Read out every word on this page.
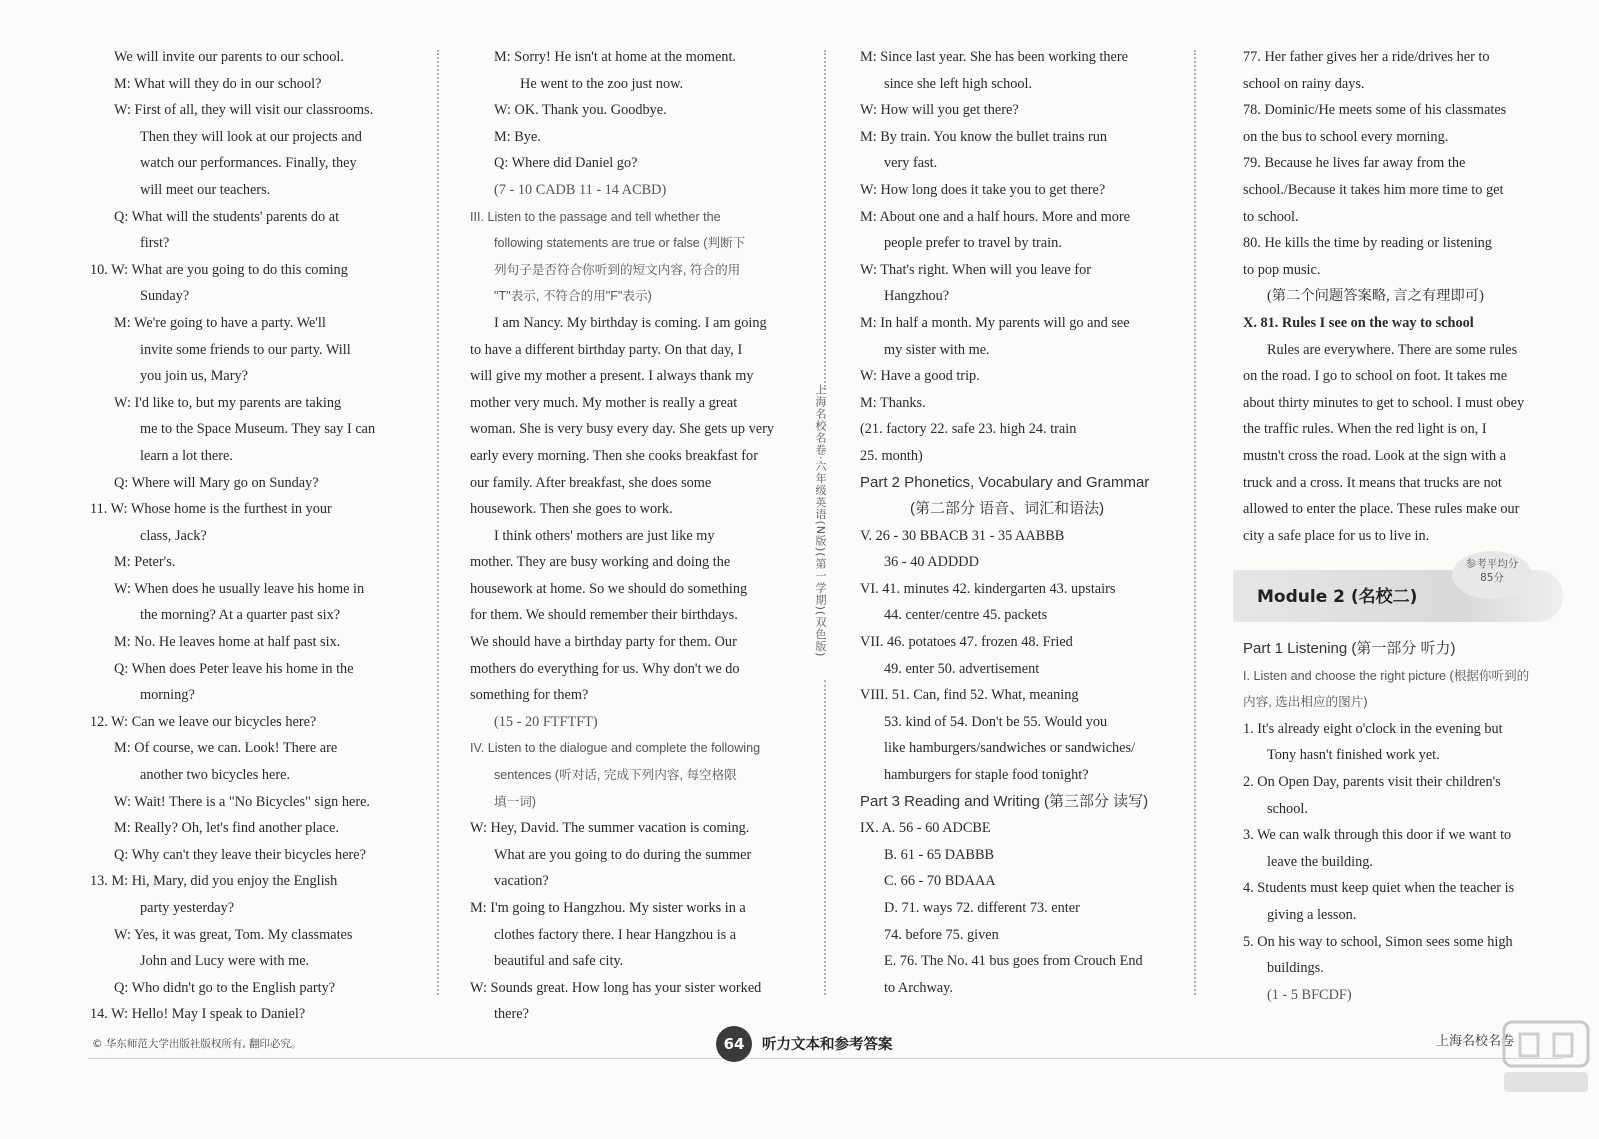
上海名校名卷·六年级英语(N版)(第一学期)(双色版)
We will invite our parents to our school.
M: What will they do in our school?
W: First of all, they will visit our classrooms.
Then they will look at our projects and
watch our performances. Finally, they
will meet our teachers.
Q: What will the students' parents do at
first?
10. W: What are you going to do this coming
Sunday?
M: We're going to have a party. We'll
invite some friends to our party. Will
you join us, Mary?
W: I'd like to, but my parents are taking
me to the Space Museum. They say I can
learn a lot there.
Q: Where will Mary go on Sunday?
11. W: Whose home is the furthest in your
class, Jack?
M: Peter's.
W: When does he usually leave his home in
the morning? At a quarter past six?
M: No. He leaves home at half past six.
Q: When does Peter leave his home in the
morning?
12. W: Can we leave our bicycles here?
M: Of course, we can. Look! There are
another two bicycles here.
W: Wait! There is a "No Bicycles" sign here.
M: Really? Oh, let's find another place.
Q: Why can't they leave their bicycles here?
13. M: Hi, Mary, did you enjoy the English
party yesterday?
W: Yes, it was great, Tom. My classmates
John and Lucy were with me.
Q: Who didn't go to the English party?
14. W: Hello! May I speak to Daniel?
M: Sorry! He isn't at home at the moment.
He went to the zoo just now.
W: OK. Thank you. Goodbye.
M: Bye.
Q: Where did Daniel go?
(7 - 10 CADB 11 - 14 ACBD)
III. Listen to the passage and tell whether the
following statements are true or false (判断下
列句子是否符合你听到的短文内容, 符合的用
"T"表示, 不符合的用"F"表示)
I am Nancy. My birthday is coming. I am going
to have a different birthday party. On that day, I
will give my mother a present. I always thank my
mother very much. My mother is really a great
woman. She is very busy every day. She gets up very
early every morning. Then she cooks breakfast for
our family. After breakfast, she does some
housework. Then she goes to work.
I think others' mothers are just like my
mother. They are busy working and doing the
housework at home. So we should do something
for them. We should remember their birthdays.
We should have a birthday party for them. Our
mothers do everything for us. Why don't we do
something for them?
(15 - 20 FTFTFT)
IV. Listen to the dialogue and complete the following
sentences (听对话, 完成下列内容, 每空格限
填一词)
W: Hey, David. The summer vacation is coming.
What are you going to do during the summer
vacation?
M: I'm going to Hangzhou. My sister works in a
clothes factory there. I hear Hangzhou is a
beautiful and safe city.
W: Sounds great. How long has your sister worked
there?
M: Since last year. She has been working there
since she left high school.
W: How will you get there?
M: By train. You know the bullet trains run
very fast.
W: How long does it take you to get there?
M: About one and a half hours. More and more
people prefer to travel by train.
W: That's right. When will you leave for
Hangzhou?
M: In half a month. My parents will go and see
my sister with me.
W: Have a good trip.
M: Thanks.
(21. factory 22. safe 23. high 24. train
25. month)
Part 2 Phonetics, Vocabulary and Grammar
(第二部分 语音、词汇和语法)
V. 26 - 30 BBACB 31 - 35 AABBB
36 - 40 ADDDD
VI. 41. minutes 42. kindergarten 43. upstairs
44. center/centre 45. packets
VII. 46. potatoes 47. frozen 48. Fried
49. enter 50. advertisement
VIII. 51. Can, find 52. What, meaning
53. kind of 54. Don't be 55. Would you
like hamburgers/sandwiches or sandwiches/
hamburgers for staple food tonight?
Part 3 Reading and Writing (第三部分 读写)
IX. A. 56 - 60 ADCBE
B. 61 - 65 DABBB
C. 66 - 70 BDAAA
D. 71. ways 72. different 73. enter
74. before 75. given
E. 76. The No. 41 bus goes from Crouch End
to Archway.
77. Her father gives her a ride/drives her to
school on rainy days.
78. Dominic/He meets some of his classmates
on the bus to school every morning.
79. Because he lives far away from the
school./Because it takes him more time to get
to school.
80. He kills the time by reading or listening
to pop music.
(第二个问题答案略, 言之有理即可)
X. 81. Rules I see on the way to school
Rules are everywhere. There are some rules
on the road. I go to school on foot. It takes me
about thirty minutes to get to school. I must obey
the traffic rules. When the red light is on, I
mustn't cross the road. Look at the sign with a
truck and a cross. It means that trucks are not
allowed to enter the place. These rules make our
city a safe place for us to live in.
Module 2 (名校二)
参考平均分
85分
Part 1 Listening (第一部分 听力)
I. Listen and choose the right picture (根据你听到的
内容, 选出相应的图片)
1. It's already eight o'clock in the evening but
Tony hasn't finished work yet.
2. On Open Day, parents visit their children's
school.
3. We can walk through this door if we want to
leave the building.
4. Students must keep quiet when the teacher is
giving a lesson.
5. On his way to school, Simon sees some high
buildings.
(1 - 5 BFCDF)
© 华东师范大学出版社版权所有, 翻印必究。	64	听力文本和参考答案	上海名校名卷
